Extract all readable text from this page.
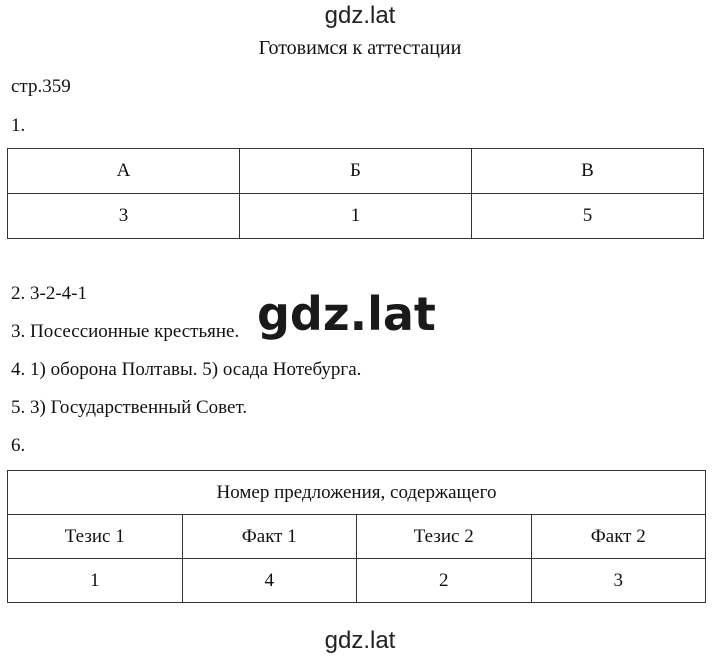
gdz.lat
Готовимся к аттестации
стр.359
1.
А	Б	В
3	1	5
2. 3-2-4-1
3. Посессионные крестьяне. gdz.lat
4. 1) оборона Полтавы. 5) осада Нотебурга.
5. 3) Государственный Совет.
6.
Номер предложения, содержащего			
Тезис 1	Факт 1	Тезис 2	Факт 2
1	4	2	3
gdz.lat
